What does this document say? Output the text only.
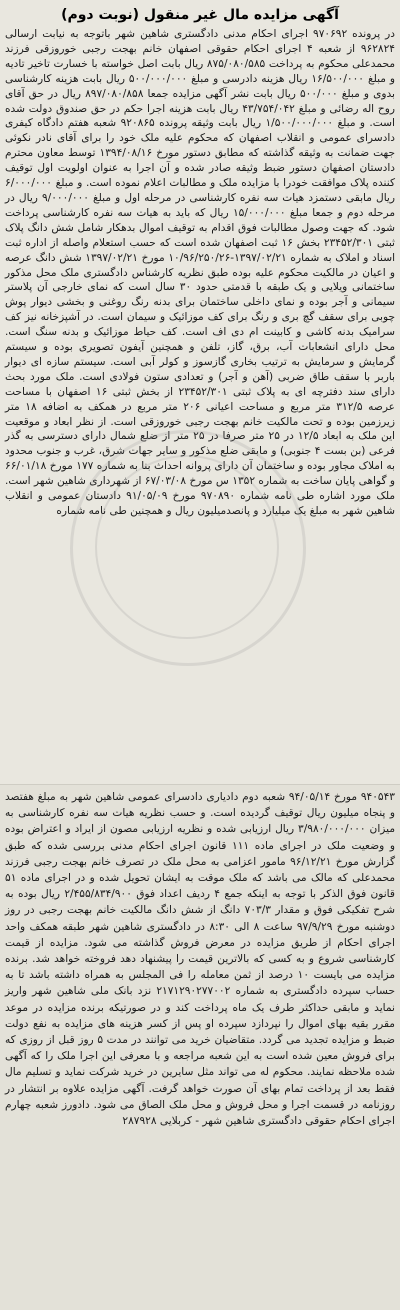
آگهی مزایده مال غیر منقول (نوبت دوم)
در پرونده ۹۷۰۶۹۲ اجرای احکام مدنی دادگستری شاهین شهر باتوجه به نیابت ارسالی ۹۶۲۸۲۴ از شعبه ۴ اجرای احکام حقوقی اصفهان خانم بهجت رجبی خوروزقی فرزند محمدعلی محکوم به پرداخت ۸۷۵/۰۸۰/۵۸۵ ریال بابت اصل خواسته با خسارت تاخیر تادیه و مبلغ ۱۶/۵۰۰/۰۰۰ ریال هزینه دادرسی و مبلغ ۵۰۰/۰۰۰/۰۰۰ ریال بابت هزینه کارشناسی بدوی و مبلغ ۵۰۰/۰۰۰ ریال بابت نشر آگهی مزایده جمعا ۸۹۷/۰۸۰/۸۵۸ ریال در حق آقای روح اله رضائی و مبلغ ۴۳/۷۵۴/۰۴۲ ریال بابت هزینه اجرا حکم در حق صندوق دولت شده است. و مبلغ ۱/۵۰۰/۰۰۰/۰۰۰ ریال بابت وثیقه پرونده ۹۲۰۸۶۵ شعبه هفتم دادگاه کیفری دادسرای عمومی و انقلاب اصفهان که محکوم علیه ملک خود را برای آقای نادر نکوئی جهت ضمانت به وثیقه گذاشته که مطابق دستور مورخ ۱۳۹۴/۰۸/۱۶ توسط معاون محترم دادستان اصفهان دستور ضبط وثیقه صادر شده و آن اجرا به عنوان اولویت اول توقیف کننده پلاک موافقت خودرا با مزایده ملک و مطالبات اعلام نموده است. و مبلغ ۶/۰۰۰/۰۰۰ ریال مابقی دستمزد هیات سه نفره کارشناسی در مرحله اول و مبلغ ۹/۰۰۰/۰۰۰ ریال در مرحله دوم و جمعا مبلغ ۱۵/۰۰۰/۰۰۰ ریال که باید به هیات سه نفره کارشناسی پرداخت شود. که جهت وصول مطالبات فوق اقدام به توقیف اموال بدهکار شامل شش دانگ پلاک ثبتی ۲۳۴۵۲/۳۰۱ بخش ۱۶ ثبت اصفهان شده است که حسب استعلام واصله از اداره ثبت اسناد و املاک به شماره ۱۳۹۷/۰۲/۲۱-۱۰/۹۶/۲۵۰/۲۶ مورخ ۱۳۹۷/۰۲/۲۱ شش دانگ عرصه و اعیان در مالکیت محکوم علیه بوده طبق نظریه کارشناس دادگستری ملک محل مذکور ساختمانی ویلایی و یک طبقه با قدمتی حدود ۳۰ سال است که نمای خارجی آن پلاستر سیمانی و آجر بوده و نمای داخلی ساختمان برای بدنه رنگ روغنی و بخشی دیوار پوش چوبی برای سقف گچ بری و رنگ برای کف موزائیک و سیمان است. در آشپزخانه نیز کف سرامیک بدنه کاشی و کابینت ام دی اف است. کف حیاط موزائیک و بدنه سنگ است. محل دارای انشعابات آب، برق، گاز، تلفن و همچنین آیفون تصویری بوده و سیستم گرمایش و سرمایش به ترتیب بخاری گازسوز و کولر آبی است. سیستم سازه ای دیوار باربر با سقف طاق ضربی (آهن و آجر) و تعدادی ستون فولادی است. ملک مورد بحث دارای سند دفترچه ای به پلاک ثبتی ۲۳۴۵۲/۳۰۱ از بخش ثبتی ۱۶ اصفهان با مساحت عرصه ۳۱۲/۵ متر مربع و مساحت اعیانی ۲۰۶ متر مربع در همکف به اضافه ۱۸ متر زیرزمین بوده و تحت مالکیت خانم بهجت رجبی خوروزقی است. از نظر ابعاد و موقعیت این ملک به ابعاد ۱۲/۵ در ۲۵ متر صرفا در ۲۵ متر از ضلع شمال دارای دسترسی به گذر فرعی (بن بست ۴ جنوبی) و مابقی ضلع مذکور و سایر جهات شرق، غرب و جنوب محدود به املاک مجاور بوده و ساختمان آن دارای پروانه احداث بنا به شماره ۱۷۷ مورخ ۶۶/۰۱/۱۸ و گواهی پایان ساخت به شماره ۱۳۵۲ س مورخ ۶۷/۰۳/۰۸ از شهرداری شاهین شهر است. ملک مورد اشاره طی نامه شماره ۹۷۰۸۹۰ مورخ ۹۱/۰۵/۰۹ دادستان عمومی و انقلاب شاهین شهر به مبلغ یک میلیارد و پانصدمیلیون ریال و همچنین طی نامه شماره
۹۴۰۵۴۳ مورخ ۹۴/۰۵/۱۴ شعبه دوم دادیاری دادسرای عمومی شاهین شهر به مبلغ هفتصد و پنجاه میلیون ریال توقیف گردیده است. و حسب نظریه هیات سه نفره کارشناسی به میزان ۳/۹۸۰/۰۰۰/۰۰۰ ریال ارزیابی شده و نظریه ارزیابی مصون از ایراد و اعتراض بوده و وضعیت ملک در اجرای ماده ۱۱۱ قانون اجرای احکام مدنی بررسی شده که طبق گزارش مورخ ۹۶/۱۲/۲۱ مامور اعزامی به محل ملک در تصرف خانم بهجت رجبی فرزند محمدعلی که مالک می باشد که ملک موقت به ایشان تحویل شده و در اجرای ماده ۵۱ قانون فوق الذکر با توجه به اینکه جمع ۴ ردیف اعداد فوق ۲/۴۵۵/۸۳۴/۹۰۰ ریال بوده به شرح تفکیکی فوق و مقدار ۷۰۳/۳ دانگ از شش دانگ مالکیت خانم بهجت رجبی در روز دوشنبه مورخ ۹۷/۹/۲۹ ساعت ۸ الی ۸:۳۰ در دادگستری شاهین شهر طبقه همکف واحد اجرای احکام از طریق مزایده در معرض فروش گذاشته می شود. مزایده از قیمت کارشناسی شروع و به کسی که بالاترین قیمت را پیشنهاد دهد فروخته خواهد شد. برنده مزایده می بایست ۱۰ درصد از ثمن معامله را فی المجلس به همراه داشته باشد تا به حساب سپرده دادگستری به شماره ۲۱۷۱۲۹۰۲۷۷۰۰۲ نزد بانک ملی شاهین شهر واریز نماید و مابقی حداکثر طرف یک ماه پرداخت کند و در صورتیکه برنده مزایده در موعد مقرر بقیه بهای اموال را نپردازد سپرده او پس از کسر هزینه های مزایده به نفع دولت ضبط و مزایده تجدید می گردد. متقاضیان خرید می توانند در مدت ۵ روز قبل از روزی که برای فروش معین شده است به این شعبه مراجعه و با معرفی این اجرا ملک را که آگهی شده ملاحظه نمایند. محکوم له می تواند مثل سایرین در خرید شرکت نماید و تسلیم مال فقط بعد از پرداخت تمام بهای آن صورت خواهد گرفت. آگهی مزایده علاوه بر انتشار در روزنامه در قسمت اجرا و محل فروش و محل ملک الصاق می شود. دادورز شعبه چهارم اجرای احکام حقوقی دادگستری شاهین شهر - کربلایی ۲۸۷۹۲۸
